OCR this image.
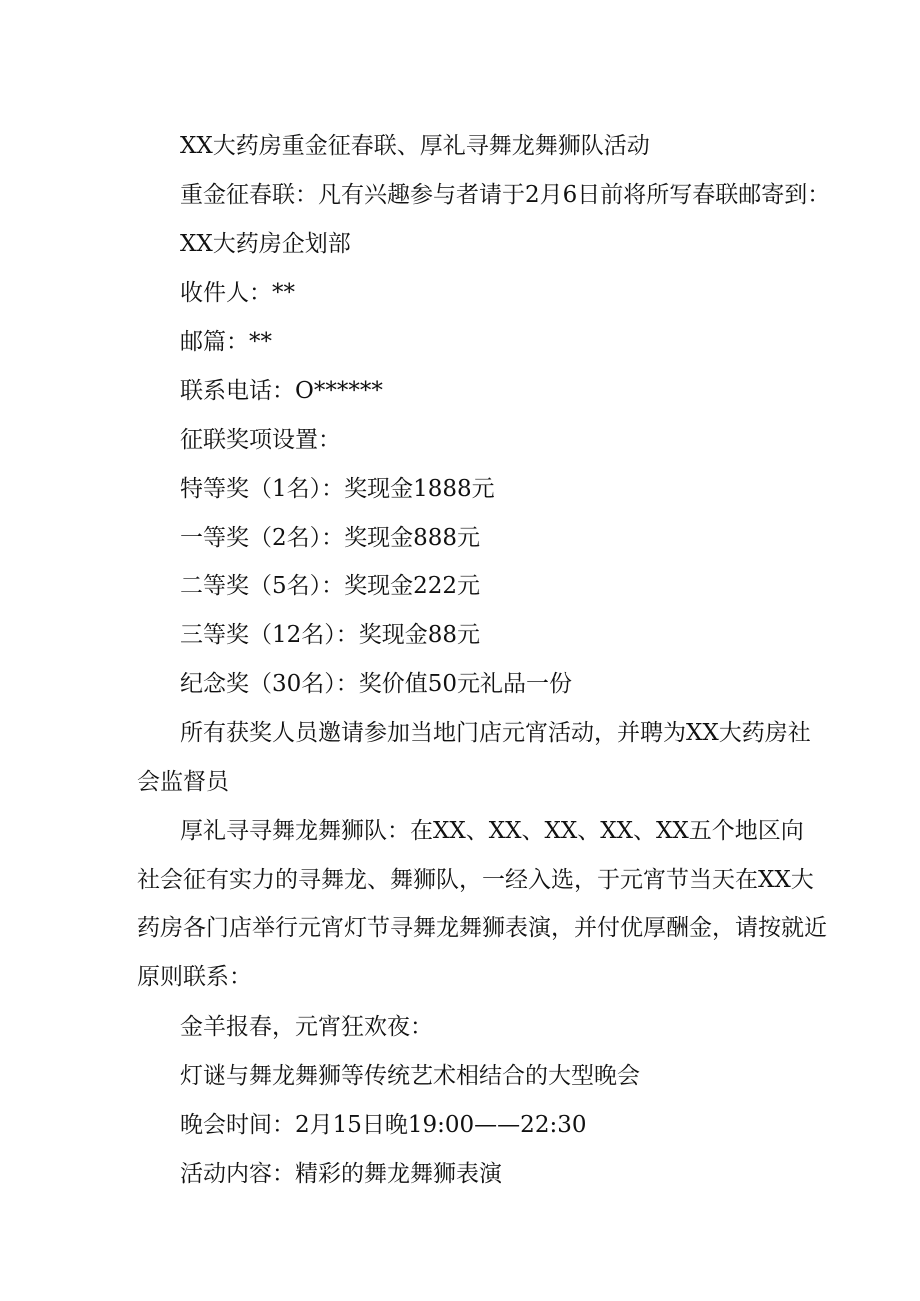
XX大药房重金征春联、厚礼寻舞龙舞狮队活动
重金征春联：凡有兴趣参与者请于2月6日前将所写春联邮寄到：
XX大药房企划部
收件人：**
邮篇：**
联系电话：O******
征联奖项设置：
特等奖（1名）：奖现金1888元
一等奖（2名）：奖现金888元
二等奖（5名）：奖现金222元
三等奖（12名）：奖现金88元
纪念奖（30名）：奖价值50元礼品一份
所有获奖人员邀请参加当地门店元宵活动，并聘为XX大药房社
会监督员
厚礼寻寻舞龙舞狮队：在XX、XX、XX、XX、XX五个地区向
社会征有实力的寻舞龙、舞狮队，一经入选，于元宵节当天在XX大
药房各门店举行元宵灯节寻舞龙舞狮表演，并付优厚酬金，请按就近
原则联系：
金羊报春，元宵狂欢夜：
灯谜与舞龙舞狮等传统艺术相结合的大型晚会
晚会时间：2月15日晚19:00——22:30
活动内容：精彩的舞龙舞狮表演
